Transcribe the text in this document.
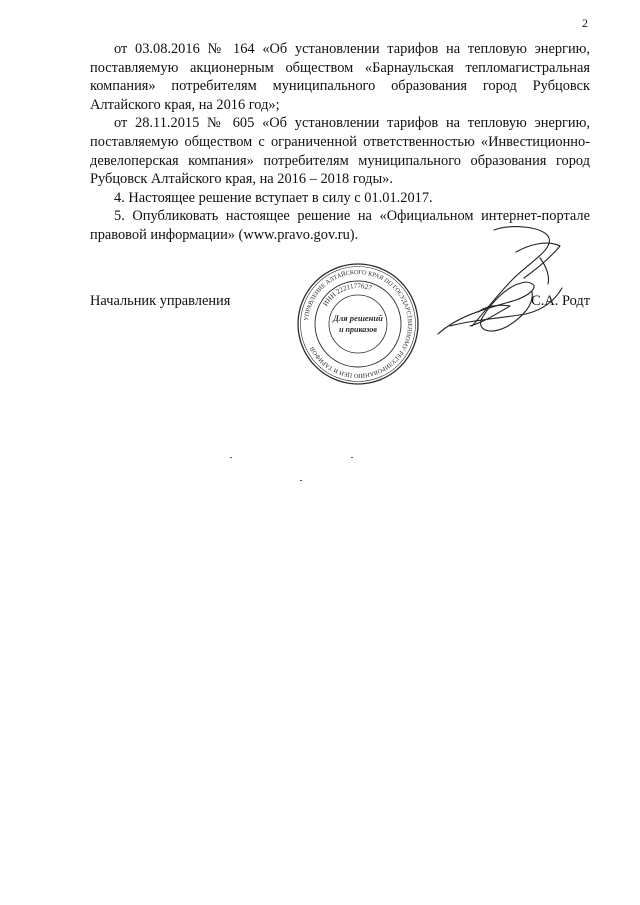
2

от 03.08.2016 № 164 «Об установлении тарифов на тепловую энергию, поставляемую акционерным обществом «Барнаульская тепломагистральная компания» потребителям муниципального образования город Рубцовск Алтайского края, на 2016 год»;

от 28.11.2015 № 605 «Об установлении тарифов на тепловую энергию, поставляемую обществом с ограниченной ответственностью «Инвестиционно-девелоперская компания» потребителям муниципального образования город Рубцовск Алтайского края, на 2016 – 2018 годы».

4. Настоящее решение вступает в силу с 01.01.2017.

5. Опубликовать настоящее решение на «Официальном интернет-портале правовой информации» (www.pravo.gov.ru).

Начальник управления	С.А. Родт
УПРАВЛЕНИЕ АЛТАЙСКОГО КРАЯ ПО ГОСУДАРСТВЕННОМУ РЕГУЛИРОВАНИЮ ЦЕН И ТАРИФОВ
ИНН 2221177627
Для решений
и приказов
